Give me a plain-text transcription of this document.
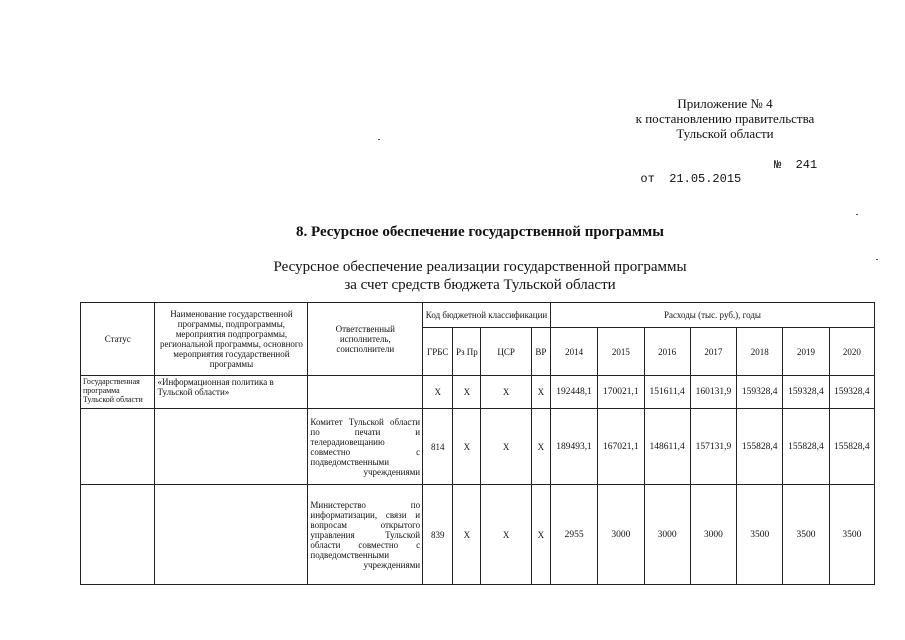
Приложение № 4
к постановлению правительства
Тульской области

от  21.05.2015

№  241

8. Ресурсное обеспечение государственной программы
Ресурсное обеспечение реализации государственной программы
за счет средств бюджета Тульской области
Статус	Наименование государственной программы, подпрограммы, мероприятия подпрограммы, региональной программы, основного мероприятия государственной программы	Ответственный исполнитель, соисполнители	Код бюджетной классификации				Расходы (тыс. руб.), годы						
			ГРБС	Рз Пр	ЦСР	ВР	2014	2015	2016	2017	2018	2019	2020
Государственная программа Тульской области	«Информационная политика в Тульской области»		Х	Х	Х	Х	192448,1	170021,1	151611,4	160131,9	159328,4	159328,4	159328,4
		Комитет Тульской области по печати и телерадиовещанию совместно с подведомственными учреждениями	814	Х	Х	Х	189493,1	167021,1	148611,4	157131,9	155828,4	155828,4	155828,4
		Министерство по информатизации, связи и вопросам открытого управления Тульской области совместно с подведомственными учреждениями	839	Х	Х	Х	2955	3000	3000	3000	3500	3500	3500
